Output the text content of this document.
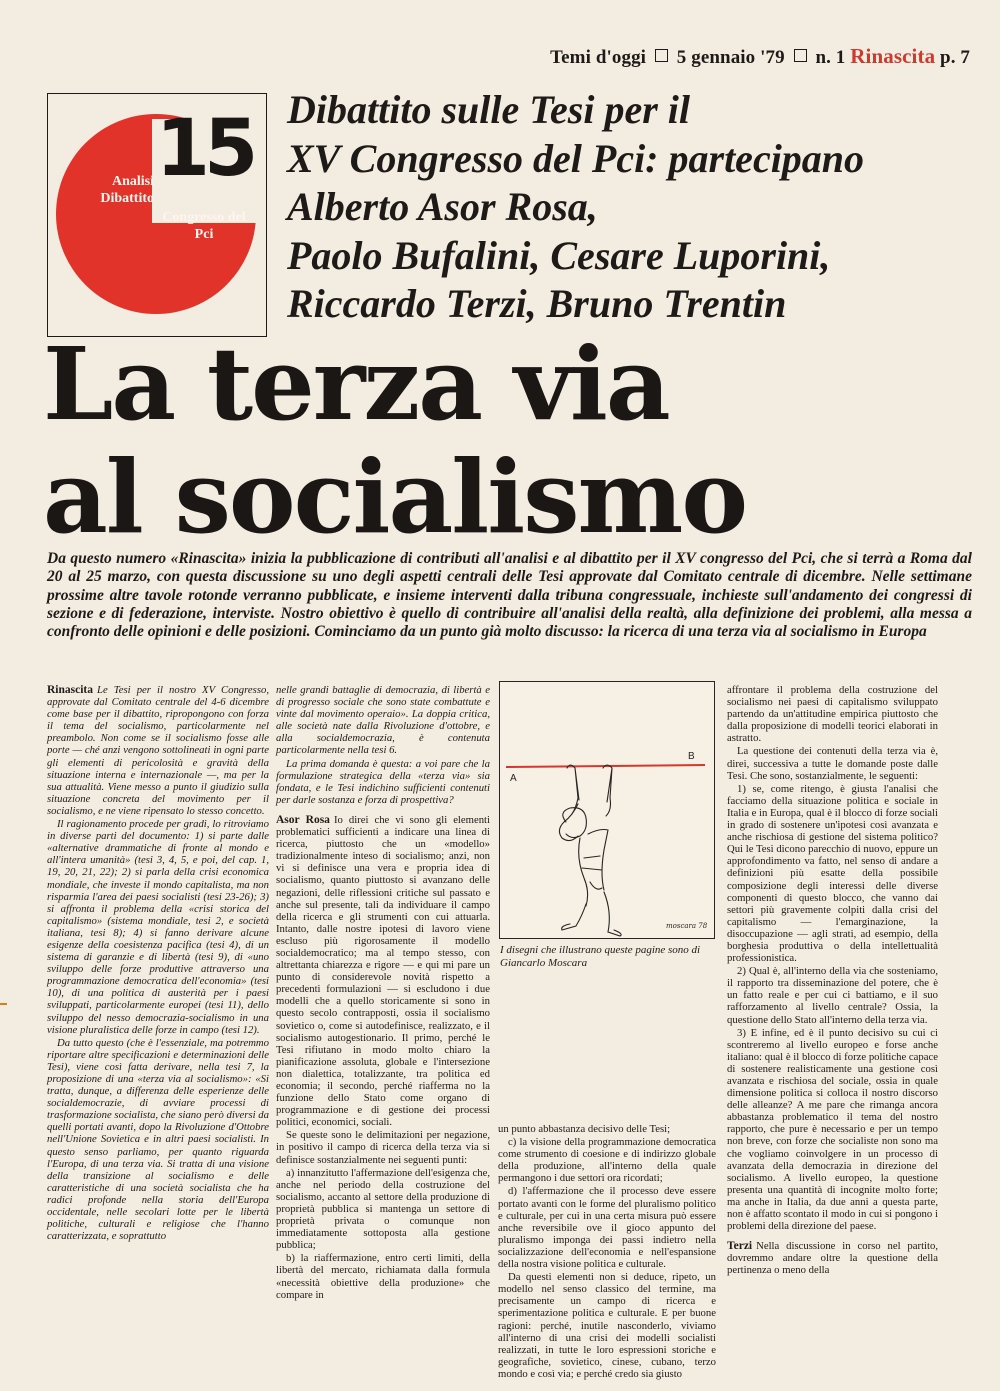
Temi d'oggi 5 gennaio '79 n. 1 Rinascita p. 7
15
Analisi Dibattito
Congresso del Pci
Dibattito sulle Tesi per il
XV Congresso del Pci: partecipano
Alberto Asor Rosa,
Paolo Bufalini, Cesare Luporini,
Riccardo Terzi, Bruno Trentin
La terza via
al socialismo
Da questo numero «Rinascita» inizia la pubblicazione di contributi all'analisi e al dibattito per il XV congresso del Pci, che si terrà a Roma dal 20 al 25 marzo, con questa discussione su uno degli aspetti centrali delle Tesi approvate dal Comitato centrale di dicembre. Nelle settimane prossime altre tavole rotonde verranno pubblicate, e insieme interventi dalla tribuna congressuale, inchieste sull'andamento dei congressi di sezione e di federazione, interviste. Nostro obiettivo è quello di contribuire all'analisi della realtà, alla definizione dei problemi, alla messa a confronto delle opinioni e delle posizioni. Cominciamo da un punto già molto discusso: la ricerca di una terza via al socialismo in Europa

Rinascita Le Tesi per il nostro XV Congresso, approvate dal Comitato centrale del 4-6 dicembre come base per il dibattito, ripropongono con forza il tema del socialismo, particolarmente nel preambolo. Non come se il socialismo fosse alle porte — ché anzi vengono sottolineati in ogni parte gli elementi di pericolosità e gravità della situazione interna e internazionale —, ma per la sua attualità. Viene messo a punto il giudizio sulla situazione concreta del movimento per il socialismo, e ne viene ripensato lo stesso concetto.

Il ragionamento procede per gradi, lo ritroviamo in diverse parti del documento: 1) si parte dalle «alternative drammatiche di fronte al mondo e all'intera umanità» (tesi 3, 4, 5, e poi, del cap. 1, 19, 20, 21, 22); 2) si parla della crisi economica mondiale, che investe il mondo capitalista, ma non risparmia l'area dei paesi socialisti (tesi 23-26); 3) si affronta il problema della «crisi storica del capitalismo» (sistema mondiale, tesi 2, e società italiana, tesi 8); 4) si fanno derivare alcune esigenze della coesistenza pacifica (tesi 4), di un sistema di garanzie e di libertà (tesi 9), di «uno sviluppo delle forze produttive attraverso una programmazione democratica dell'economia» (tesi 10), di una politica di austerità per i paesi sviluppati, particolarmente europei (tesi 11), dello sviluppo del nesso democrazia-socialismo in una visione pluralistica delle forze in campo (tesi 12).

Da tutto questo (che è l'essenziale, ma potremmo riportare altre specificazioni e determinazioni delle Tesi), viene così fatta derivare, nella tesi 7, la proposizione di una «terza via al socialismo»: «Si tratta, dunque, a differenza delle esperienze delle socialdemocrazie, di avviare processi di trasformazione socialista, che siano però diversi da quelli portati avanti, dopo la Rivoluzione d'Ottobre nell'Unione Sovietica e in altri paesi socialisti. In questo senso parliamo, per quanto riguarda l'Europa, di una terza via. Si tratta di una visione della transizione al socialismo e delle caratteristiche di una società socialista che ha radici profonde nella storia dell'Europa occidentale, nelle secolari lotte per le libertà politiche, culturali e religiose che l'hanno caratterizzata, e soprattutto

nelle grandi battaglie di democrazia, di libertà e di progresso sociale che sono state combattute e vinte dal movimento operaio». La doppia critica, alle società nate dalla Rivoluzione d'ottobre, e alla socialdemocrazia, è contenuta particolarmente nella tesi 6.

La prima domanda è questa: a voi pare che la formulazione strategica della «terza via» sia fondata, e le Tesi indichino sufficienti contenuti per darle sostanza e forza di prospettiva?

Asor Rosa Io direi che vi sono gli elementi problematici sufficienti a indicare una linea di ricerca, piuttosto che un «modello» tradizionalmente inteso di socialismo; anzi, non vi si definisce una vera e propria idea di socialismo, quanto piuttosto si avanzano delle negazioni, delle riflessioni critiche sul passato e anche sul presente, tali da individuare il campo della ricerca e gli strumenti con cui attuarla. Intanto, dalle nostre ipotesi di lavoro viene escluso più rigorosamente il modello socialdemocratico; ma al tempo stesso, con altrettanta chiarezza e rigore — e qui mi pare un punto di considerevole novità rispetto a precedenti formulazioni — si escludono i due modelli che a quello storicamente si sono in questo secolo contrapposti, ossia il socialismo sovietico o, come si autodefinisce, realizzato, e il socialismo autogestionario. Il primo, perché le Tesi rifiutano in modo molto chiaro la pianificazione assoluta, globale e l'intersezione non dialettica, totalizzante, tra politica ed economia; il secondo, perché riafferma no la funzione dello Stato come organo di programmazione e di gestione dei processi politici, economici, sociali.

Se queste sono le delimitazioni per negazione, in positivo il campo di ricerca della terza via si definisce sostanzialmente nei seguenti punti:

a) innanzitutto l'affermazione dell'esigenza che, anche nel periodo della costruzione del socialismo, accanto al settore della produzione di proprietà pubblica si mantenga un settore di proprietà privata o comunque non immediatamente sottoposta alla gestione pubblica;

b) la riaffermazione, entro certi limiti, della libertà del mercato, richiamata dalla formula «necessità obiettive della produzione» che compare in

A
B
moscara 78
I disegni che illustrano queste pagine sono di Giancarlo Moscara

un punto abbastanza decisivo delle Tesi;

c) la visione della programmazione democratica come strumento di coesione e di indirizzo globale della produzione, all'interno della quale permangono i due settori ora ricordati;

d) l'affermazione che il processo deve essere portato avanti con le forme del pluralismo politico e culturale, per cui in una certa misura può essere anche reversibile ove il gioco appunto del pluralismo imponga dei passi indietro nella socializzazione dell'economia e nell'espansione della nostra visione politica e culturale.

Da questi elementi non si deduce, ripeto, un modello nel senso classico del termine, ma precisamente un campo di ricerca e sperimentazione politica e culturale. E per buone ragioni: perché, inutile nasconderlo, viviamo all'interno di una crisi dei modelli socialisti realizzati, in tutte le loro espressioni storiche e geografiche, sovietico, cinese, cubano, terzo mondo e così via; e perché credo sia giusto

affrontare il problema della costruzione del socialismo nei paesi di capitalismo sviluppato partendo da un'attitudine empirica piuttosto che dalla proposizione di modelli teorici elaborati in astratto.

La questione dei contenuti della terza via è, direi, successiva a tutte le domande poste dalle Tesi. Che sono, sostanzialmente, le seguenti:

1) se, come ritengo, è giusta l'analisi che facciamo della situazione politica e sociale in Italia e in Europa, qual è il blocco di forze sociali in grado di sostenere un'ipotesi così avanzata e anche rischiosa di gestione del sistema politico? Qui le Tesi dicono parecchio di nuovo, eppure un approfondimento va fatto, nel senso di andare a definizioni più esatte della possibile composizione degli interessi delle diverse componenti di questo blocco, che vanno dai settori più gravemente colpiti dalla crisi del capitalismo — l'emarginazione, la disoccupazione — agli strati, ad esempio, della borghesia produttiva o della intellettualità professionistica.

2) Qual è, all'interno della via che sosteniamo, il rapporto tra disseminazione del potere, che è un fatto reale e per cui ci battiamo, e il suo rafforzamento al livello centrale? Ossia, la questione dello Stato all'interno della terza via.

3) E infine, ed è il punto decisivo su cui ci scontreremo al livello europeo e forse anche italiano: qual è il blocco di forze politiche capace di sostenere realisticamente una gestione così avanzata e rischiosa del sociale, ossia in quale dimensione politica si colloca il nostro discorso delle alleanze? A me pare che rimanga ancora abbastanza problematico il tema del nostro rapporto, che pure è necessario e per un tempo non breve, con forze che socialiste non sono ma che vogliamo coinvolgere in un processo di avanzata della democrazia in direzione del socialismo. A livello europeo, la questione presenta una quantità di incognite molto forte; ma anche in Italia, da due anni a questa parte, non è affatto scontato il modo in cui si pongono i problemi della direzione del paese.

Terzi Nella discussione in corso nel partito, dovremmo andare oltre la questione della pertinenza o meno della
